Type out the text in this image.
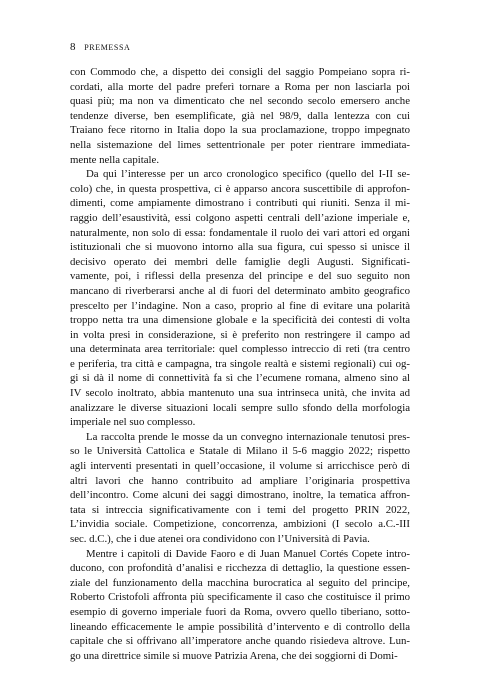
8 PREMESSA
con Commodo che, a dispetto dei consigli del saggio Pompeiano sopra ri-
cordati, alla morte del padre preferì tornare a Roma per non lasciarla poi
quasi più; ma non va dimenticato che nel secondo secolo emersero anche
tendenze diverse, ben esemplificate, già nel 98/9, dalla lentezza con cui
Traiano fece ritorno in Italia dopo la sua proclamazione, troppo impegnato
nella sistemazione del limes settentrionale per poter rientrare immediata-
mente nella capitale.
Da qui l’interesse per un arco cronologico specifico (quello del I-II se-
colo) che, in questa prospettiva, ci è apparso ancora suscettibile di approfon-
dimenti, come ampiamente dimostrano i contributi qui riuniti. Senza il mi-
raggio dell’esaustività, essi colgono aspetti centrali dell’azione imperiale e,
naturalmente, non solo di essa: fondamentale il ruolo dei vari attori ed organi
istituzionali che si muovono intorno alla sua figura, cui spesso si unisce il
decisivo operato dei membri delle famiglie degli Augusti. Significati-
vamente, poi, i riflessi della presenza del principe e del suo seguito non
mancano di riverberarsi anche al di fuori del determinato ambito geografico
prescelto per l’indagine. Non a caso, proprio al fine di evitare una polarità
troppo netta tra una dimensione globale e la specificità dei contesti di volta
in volta presi in considerazione, si è preferito non restringere il campo ad
una determinata area territoriale: quel complesso intreccio di reti (tra centro
e periferia, tra città e campagna, tra singole realtà e sistemi regionali) cui og-
gi si dà il nome di connettività fa sì che l’ecumene romana, almeno sino al
IV secolo inoltrato, abbia mantenuto una sua intrinseca unità, che invita ad
analizzare le diverse situazioni locali sempre sullo sfondo della morfologia
imperiale nel suo complesso.
La raccolta prende le mosse da un convegno internazionale tenutosi pres-
so le Università Cattolica e Statale di Milano il 5-6 maggio 2022; rispetto
agli interventi presentati in quell’occasione, il volume si arricchisce però di
altri lavori che hanno contribuito ad ampliare l’originaria prospettiva
dell’incontro. Come alcuni dei saggi dimostrano, inoltre, la tematica affron-
tata si intreccia significativamente con i temi del progetto PRIN 2022,
L’invidia sociale. Competizione, concorrenza, ambizioni (I secolo a.C.-III
sec. d.C.), che i due atenei ora condividono con l’Università di Pavia.
Mentre i capitoli di Davide Faoro e di Juan Manuel Cortés Copete intro-
ducono, con profondità d’analisi e ricchezza di dettaglio, la questione essen-
ziale del funzionamento della macchina burocratica al seguito del principe,
Roberto Cristofoli affronta più specificamente il caso che costituisce il primo
esempio di governo imperiale fuori da Roma, ovvero quello tiberiano, sotto-
lineando efficacemente le ampie possibilità d’intervento e di controllo della
capitale che si offrivano all’imperatore anche quando risiedeva altrove. Lun-
go una direttrice simile si muove Patrizia Arena, che dei soggiorni di Domi-
